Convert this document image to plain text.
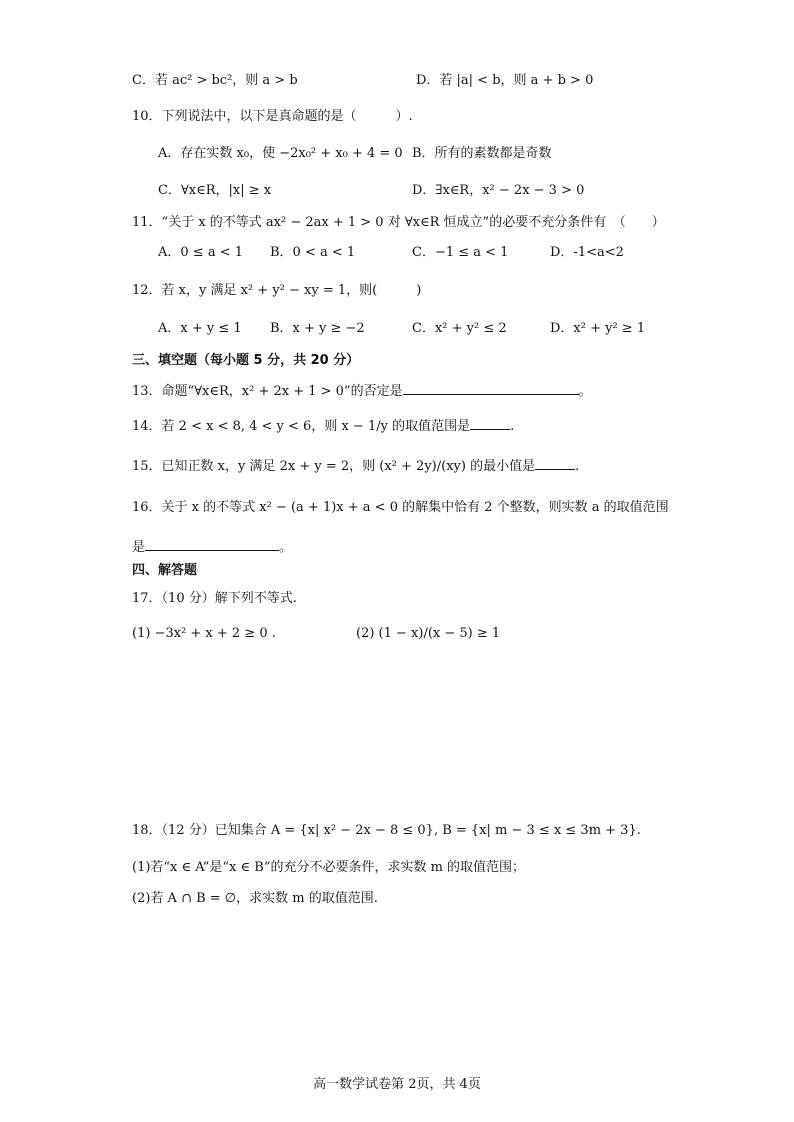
C．若 ac² > bc²，则 a > b	D．若 |a| < b，则 a + b > 0
10．下列说法中，以下是真命题的是（　　　）.
A．存在实数 x₀，使 −2x₀² + x₀ + 4 = 0 B．所有的素数都是奇数
C．∀x∈R，|x| ≥ x	D．∃x∈R，x² − 2x − 3 > 0
11．“关于 x 的不等式 ax² − 2ax + 1 > 0 对 ∀x∈R 恒成立”的必要不充分条件有　（　　）
A．0 ≤ a < 1 B．0 < a < 1	C．−1 ≤ a < 1	D．-1<a<2
12．若 x，y 满足 x² + y² − xy = 1，则(　　　)
A．x + y ≤ 1 B．x + y ≥ −2	C．x² + y² ≤ 2	D．x² + y² ≥ 1
三、填空题（每小题 5 分，共 20 分）
13．命题“∀x∈R，x² + 2x + 1 > 0”的否定是	。
14．若 2 < x < 8, 4 < y < 6，则 x − 1/y 的取值范围是	.
15．已知正数 x，y 满足 2x + y = 2，则 (x² + 2y)/(xy) 的最小值是	.
16．关于 x 的不等式 x² − (a + 1)x + a < 0 的解集中恰有 2 个整数，则实数 a 的取值范围
是	。
四、解答题
17．（10 分）解下列不等式.
(1) −3x² + x + 2 ≥ 0 .	(2) (1 − x)/(x − 5) ≥ 1
18．（12 分）已知集合 A = {x| x² − 2x − 8 ≤ 0}, B = {x| m − 3 ≤ x ≤ 3m + 3}.
(1)若“x ∈ A”是“x ∈ B”的充分不必要条件，求实数 m 的取值范围；
(2)若 A ∩ B = ∅，求实数 m 的取值范围.
高一数学试卷第 2页，共 4页
